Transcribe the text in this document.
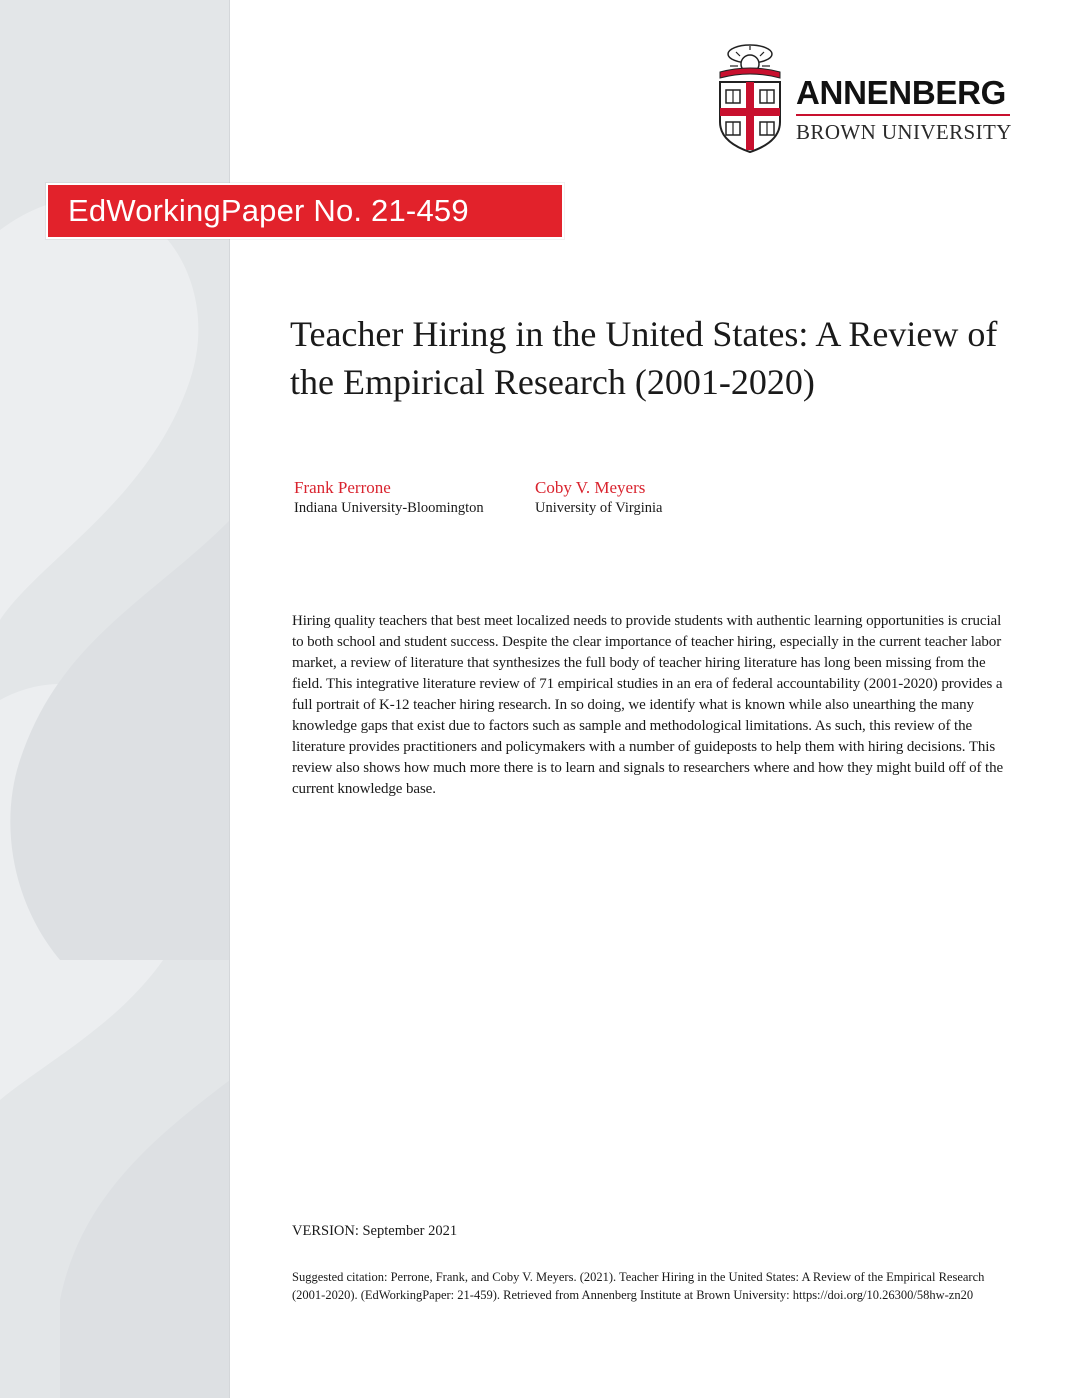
ANNENBERG
BROWN UNIVERSITY
EdWorkingPaper No. 21-459
Teacher Hiring in the United States: A Review of the Empirical Research (2001-2020)
Frank Perrone
Indiana University-Bloomington
Coby V. Meyers
University of Virginia

Hiring quality teachers that best meet localized needs to provide students with authentic learning opportunities is crucial to both school and student success. Despite the clear importance of teacher hiring, especially in the current teacher labor market, a review of literature that synthesizes the full body of teacher hiring literature has long been missing from the field. This integrative literature review of 71 empirical studies in an era of federal accountability (2001-2020) provides a full portrait of K-12 teacher hiring research. In so doing, we identify what is known while also unearthing the many knowledge gaps that exist due to factors such as sample and methodological limitations. As such, this review of the literature provides practitioners and policymakers with a number of guideposts to help them with hiring decisions. This review also shows how much more there is to learn and signals to researchers where and how they might build off of the current knowledge base.

VERSION: September 2021

Suggested citation: Perrone, Frank, and Coby V. Meyers. (2021). Teacher Hiring in the United States: A Review of the Empirical Research (2001-2020). (EdWorkingPaper: 21-459). Retrieved from Annenberg Institute at Brown University: https://doi.org/10.26300/58hw-zn20
